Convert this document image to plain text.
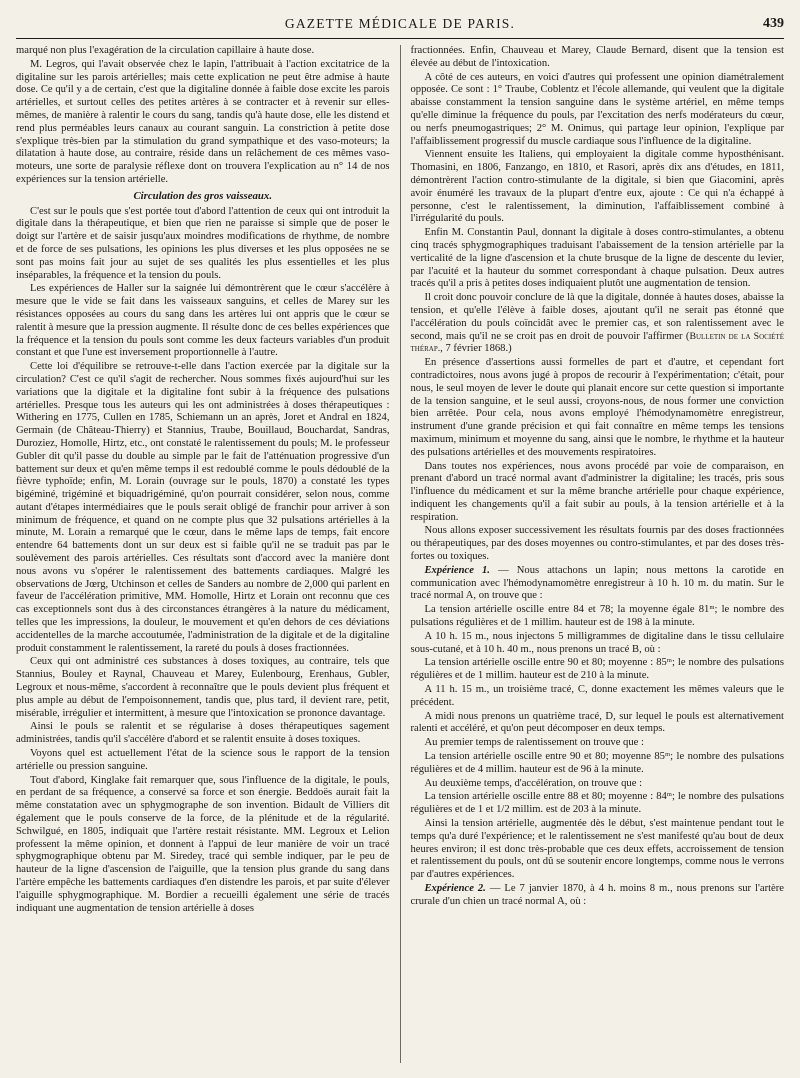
GAZETTE MÉDICALE DE PARIS.	439

marqué non plus l'exagération de la circulation capillaire à haute dose.

M. Legros, qui l'avait observée chez le lapin, l'attribuait à l'action excitatrice de la digitaline sur les parois artérielles; mais cette explication ne peut être admise à haute dose. Ce qu'il y a de certain, c'est que la digitaline donnée à faible dose excite les parois artérielles, et surtout celles des petites artères à se contracter et à revenir sur elles-mêmes, de manière à ralentir le cours du sang, tandis qu'à haute dose, elle les distend et rend plus perméables leurs canaux au courant sanguin. La constriction à petite dose s'explique très-bien par la stimulation du grand sympathique et des vaso-moteurs; la dilatation à haute dose, au contraire, réside dans un relâchement de ces mêmes vaso-moteurs, une sorte de paralysie réflexe dont on trouvera l'explication au n° 14 de nos expériences sur la tension artérielle.

Circulation des gros vaisseaux.

C'est sur le pouls que s'est portée tout d'abord l'attention de ceux qui ont introduit la digitale dans la thérapeutique, et bien que rien ne paraisse si simple que de poser le doigt sur l'artère et de saisir jusqu'aux moindres modifications de rhythme, de nombre et de force de ses pulsations, les opinions les plus diverses et les plus opposées ne se sont pas moins fait jour au sujet de ses qualités les plus essentielles et les plus inséparables, la fréquence et la tension du pouls.

Les expériences de Haller sur la saignée lui démontrèrent que le cœur s'accélère à mesure que le vide se fait dans les vaisseaux sanguins, et celles de Marey sur les résistances opposées au cours du sang dans les artères lui ont appris que le cœur se ralentit à mesure que la pression augmente. Il résulte donc de ces belles expériences que la fréquence et la tension du pouls sont comme les deux facteurs variables d'un produit constant et que l'une est inversement proportionnelle à l'autre.

Cette loi d'équilibre se retrouve-t-elle dans l'action exercée par la digitale sur la circulation? C'est ce qu'il s'agit de rechercher. Nous sommes fixés aujourd'hui sur les variations que la digitale et la digitaline font subir à la fréquence des pulsations artérielles. Presque tous les auteurs qui les ont administrées à doses thérapeutiques : Withering en 1775, Cullen en 1785, Schiemann un an après, Joret et Andral en 1824, Germain (de Château-Thierry) et Stannius, Traube, Bouillaud, Bouchardat, Sandras, Duroziez, Homolle, Hirtz, etc., ont constaté le ralentissement du pouls; M. le professeur Gubler dit qu'il passe du double au simple par le fait de l'atténuation progressive d'un battement sur deux et qu'en même temps il est redoublé comme le pouls dédoublé de la fièvre typhoïde; enfin, M. Lorain (ouvrage sur le pouls, 1870) a constaté les types bigéminé, trigéminé et biquadrigéminé, qu'on pourrait considérer, selon nous, comme autant d'étapes intermédiaires que le pouls serait obligé de franchir pour arriver à son minimum de fréquence, et quand on ne compte plus que 32 pulsations artérielles à la minute, M. Lorain a remarqué que le cœur, dans le même laps de temps, fait encore entendre 64 battements dont un sur deux est si faible qu'il ne se traduit pas par le soulèvement des parois artérielles. Ces résultats sont d'accord avec la manière dont nous avons vu s'opérer le ralentissement des battements cardiaques. Malgré les observations de Jœrg, Utchinson et celles de Sanders au nombre de 2,000 qui parlent en faveur de l'accélération primitive, MM. Homolle, Hirtz et Lorain ont reconnu que ces cas exceptionnels sont dus à des circonstances étrangères à la nature du médicament, telles que les impressions, la douleur, le mouvement et qu'en dehors de ces déviations accidentelles de la marche accoutumée, l'administration de la digitale et de la digitaline produit constamment le ralentissement, la rareté du pouls à doses fractionnées.

Ceux qui ont administré ces substances à doses toxiques, au contraire, tels que Stannius, Bouley et Raynal, Chauveau et Marey, Eulenbourg, Erenhaus, Gubler, Legroux et nous-même, s'accordent à reconnaître que le pouls devient plus fréquent et plus ample au début de l'empoisonnement, tandis que, plus tard, il devient rare, petit, misérable, irrégulier et intermittent, à mesure que l'intoxication se prononce davantage.

Ainsi le pouls se ralentit et se régularise à doses thérapeutiques sagement administrées, tandis qu'il s'accélère d'abord et se ralentit ensuite à doses toxiques.

Voyons quel est actuellement l'état de la science sous le rapport de la tension artérielle ou pression sanguine.

Tout d'abord, Kinglake fait remarquer que, sous l'influence de la digitale, le pouls, en perdant de sa fréquence, a conservé sa force et son énergie. Beddoës aurait fait la même constatation avec un sphygmographe de son invention. Bidault de Villiers dit également que le pouls conserve de la force, de la plénitude et de la régularité. Schwilgué, en 1805, indiquait que l'artère restait résistante. MM. Legroux et Lelion professent la même opinion, et donnent à l'appui de leur manière de voir un tracé sphygmographique obtenu par M. Siredey, tracé qui semble indiquer, par le peu de hauteur de la ligne d'ascension de l'aiguille, que la tension plus grande du sang dans l'artère empêche les battements cardiaques d'en distendre les parois, et par suite d'élever l'aiguille sphygmographique. M. Bordier a recueilli également une série de tracés indiquant une augmentation de tension artérielle à doses

fractionnées. Enfin, Chauveau et Marey, Claude Bernard, disent que la tension est élevée au début de l'intoxication.

A côté de ces auteurs, en voici d'autres qui professent une opinion diamétralement opposée. Ce sont : 1° Traube, Coblentz et l'école allemande, qui veulent que la digitale abaisse constamment la tension sanguine dans le système artériel, en même temps qu'elle diminue la fréquence du pouls, par l'excitation des nerfs modérateurs du cœur, ou nerfs pneumogastriques; 2° M. Onimus, qui partage leur opinion, l'explique par l'affaiblissement progressif du muscle cardiaque sous l'influence de la digitaline.

Viennent ensuite les Italiens, qui employaient la digitale comme hyposthénisant. Thomasini, en 1806, Fanzango, en 1810, et Rasori, après dix ans d'études, en 1811, démontrèrent l'action contro-stimulante de la digitale, si bien que Giacomini, après avoir énuméré les travaux de la plupart d'entre eux, ajoute : Ce qui n'a échappé à personne, c'est le ralentissement, la diminution, l'affaiblissement combiné à l'irrégularité du pouls.

Enfin M. Constantin Paul, donnant la digitale à doses contro-stimulantes, a obtenu cinq tracés sphygmographiques traduisant l'abaissement de la tension artérielle par la verticalité de la ligne d'ascension et la chute brusque de la ligne de descente du levier, par l'acuité et la hauteur du sommet correspondant à chaque pulsation. Deux autres tracés qu'il a pris à petites doses indiquaient plutôt une augmentation de tension.

Il croit donc pouvoir conclure de là que la digitale, donnée à hautes doses, abaisse la tension, et qu'elle l'élève à faible doses, ajoutant qu'il ne serait pas étonné que l'accélération du pouls coïncidât avec le premier cas, et son ralentissement avec le second, mais qu'il ne se croit pas en droit de pouvoir l'affirmer (Bulletin de la Société thérap., 7 février 1868.)

En présence d'assertions aussi formelles de part et d'autre, et cependant fort contradictoires, nous avons jugé à propos de recourir à l'expérimentation; c'était, pour nous, le seul moyen de lever le doute qui planait encore sur cette question si importante de la tension sanguine, et le seul aussi, croyons-nous, de nous former une conviction bien arrêtée. Pour cela, nous avons employé l'hémodynamomètre enregistreur, instrument d'une grande précision et qui fait connaître en même temps les tensions maximum, minimum et moyenne du sang, ainsi que le nombre, le rhythme et la hauteur des pulsations artérielles et des mouvements respiratoires.

Dans toutes nos expériences, nous avons procédé par voie de comparaison, en prenant d'abord un tracé normal avant d'administrer la digitaline; les tracés, pris sous l'influence du médicament et sur la même branche artérielle pour chaque expérience, indiquent les changements qu'il a fait subir au pouls, à la tension artérielle et à la respiration.

Nous allons exposer successivement les résultats fournis par des doses fractionnées ou thérapeutiques, par des doses moyennes ou contro-stimulantes, et par des doses très-fortes ou toxiques.

Expérience 1. — Nous attachons un lapin; nous mettons la carotide en communication avec l'hémodynamomètre enregistreur à 10 h. 10 m. du matin. Sur le tracé normal A, on trouve que :

La tension artérielle oscille entre 84 et 78; la moyenne égale 81ᵐ; le nombre des pulsations régulières et de 1 millim. hauteur est de 198 à la minute.

A 10 h. 15 m., nous injectons 5 milligrammes de digitaline dans le tissu cellulaire sous-cutané, et à 10 h. 40 m., nous prenons un tracé B, où :

La tension artérielle oscille entre 90 et 80; moyenne : 85ᵐ; le nombre des pulsations régulières et de 1 millim. hauteur est de 210 à la minute.

A 11 h. 15 m., un troisième tracé, C, donne exactement les mêmes valeurs que le précédent.

A midi nous prenons un quatrième tracé, D, sur lequel le pouls est alternativement ralenti et accéléré, et qu'on peut décomposer en deux temps.

Au premier temps de ralentissement on trouve que :

La tension artérielle oscille entre 90 et 80; moyenne 85ᵐ; le nombre des pulsations régulières et de 4 millim. hauteur est de 96 à la minute.

Au deuxième temps, d'accélération, on trouve que :

La tension artérielle oscille entre 88 et 80; moyenne : 84ᵐ; le nombre des pulsations régulières et de 1 et 1/2 millim. est de 203 à la minute.

Ainsi la tension artérielle, augmentée dès le début, s'est maintenue pendant tout le temps qu'a duré l'expérience; et le ralentissement ne s'est manifesté qu'au bout de deux heures environ; il est donc très-probable que ces deux effets, accroissement de tension et ralentissement du pouls, ont dû se soutenir encore longtemps, comme nous le verrons par d'autres expériences.

Expérience 2. — Le 7 janvier 1870, à 4 h. moins 8 m., nous prenons sur l'artère crurale d'un chien un tracé normal A, où :
